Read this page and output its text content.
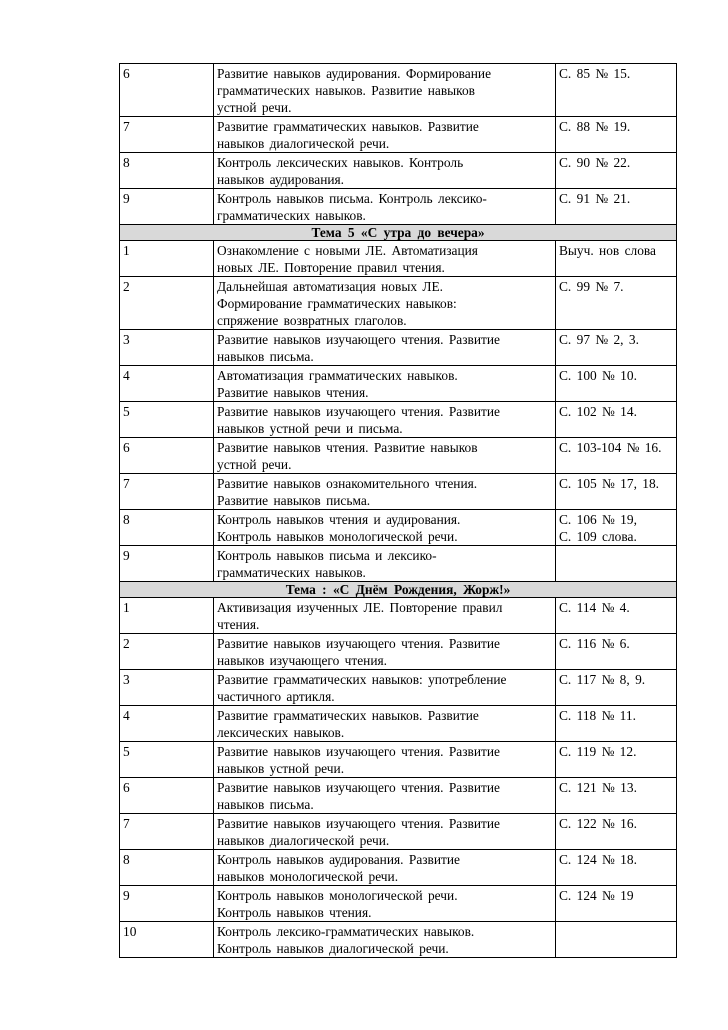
6	Развитие навыков аудирования. Формирование
грамматических навыков. Развитие навыков
устной речи.	С. 85 № 15.

7	Развитие грамматических навыков. Развитие
навыков диалогической речи.	С. 88 № 19.

8	Контроль лексических навыков. Контроль
навыков аудирования.	С. 90 № 22.

9	Контроль навыков письма. Контроль лексико-
грамматических навыков.	С. 91 № 21.

Тема 5 «С утра до вечера»		
1	Ознакомление с новыми ЛЕ. Автоматизация
новых ЛЕ. Повторение правил чтения.	Выуч. нов слова

2	Дальнейшая автоматизация новых ЛЕ.
Формирование грамматических навыков:
спряжение возвратных глаголов.	С. 99 № 7.

3	Развитие навыков изучающего чтения. Развитие
навыков письма.	С. 97 № 2, 3.

4	Автоматизация грамматических навыков.
Развитие навыков чтения.	С. 100 № 10.

5	Развитие навыков изучающего чтения. Развитие
навыков устной речи и письма.	С. 102 № 14.

6	Развитие навыков чтения. Развитие навыков
устной речи.	С. 103-104 № 16.

7	Развитие навыков ознакомительного чтения.
Развитие навыков письма.	С. 105 № 17, 18.

8	Контроль навыков чтения и аудирования.
Контроль навыков монологической речи.	С. 106 № 19,
С. 109 слова.

9	Контроль навыков письма и лексико-
грамматических навыков.	

Тема : «С Днём Рождения, Жорж!»		
1	Активизация изученных ЛЕ. Повторение правил
чтения.	С. 114 № 4.

2	Развитие навыков изучающего чтения. Развитие
навыков изучающего чтения.	С. 116 № 6.

3	Развитие грамматических навыков: употребление
частичного артикля.	С. 117 № 8, 9.

4	Развитие грамматических навыков. Развитие
лексических навыков.	С. 118 № 11.

5	Развитие навыков изучающего чтения. Развитие
навыков устной речи.	С. 119 № 12.

6	Развитие навыков изучающего чтения. Развитие
навыков письма.	С. 121 № 13.

7	Развитие навыков изучающего чтения. Развитие
навыков диалогической речи.	С. 122 № 16.

8	Контроль навыков аудирования. Развитие
навыков монологической речи.	С. 124 № 18.

9	Контроль навыков монологической речи.
Контроль навыков чтения.	С. 124 № 19

10	Контроль лексико-грамматических навыков.
Контроль навыков диалогической речи.	
